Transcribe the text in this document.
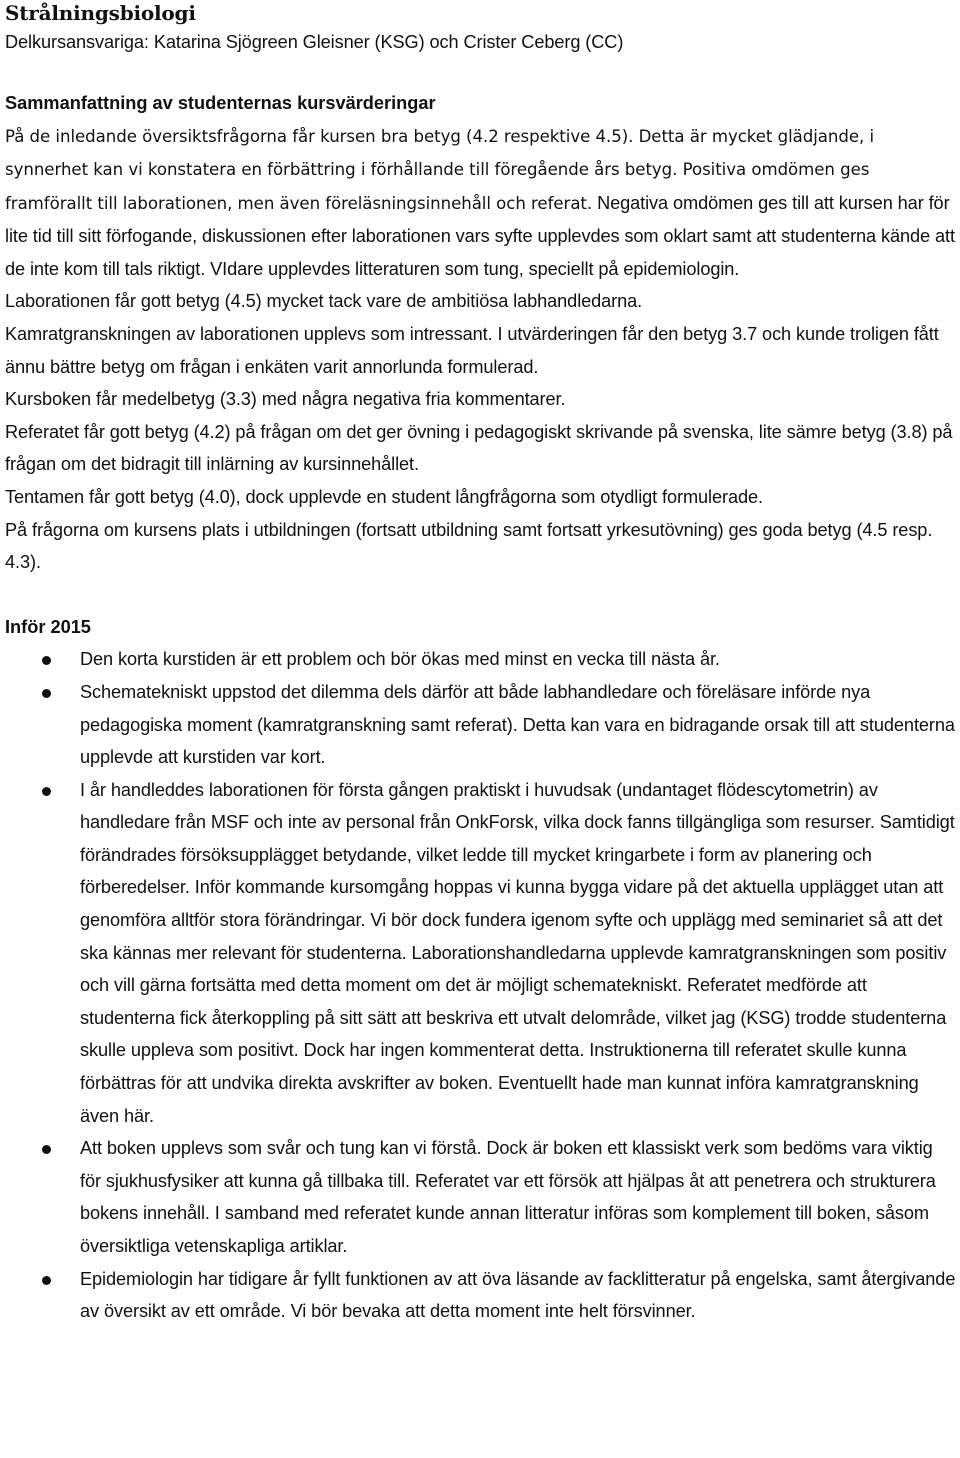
Strålningsbiologi

Delkursansvariga: Katarina Sjögreen Gleisner (KSG) och Crister Ceberg (CC)

Sammanfattning av studenternas kursvärderingar

På de inledande översiktsfrågorna får kursen bra betyg (4.2 respektive 4.5). Detta är mycket glädjande, i synnerhet kan vi konstatera en förbättring i förhållande till föregående års betyg. Positiva omdömen ges framförallt till laborationen, men även föreläsningsinnehåll och referat. Negativa omdömen ges till att kursen har för lite tid till sitt förfogande, diskussionen efter laborationen vars syfte upplevdes som oklart samt att studenterna kände att de inte kom till tals riktigt. VIdare upplevdes litteraturen som tung, speciellt på epidemiologin.

Laborationen får gott betyg (4.5) mycket tack vare de ambitiösa labhandledarna.

Kamratgranskningen av laborationen upplevs som intressant. I utvärderingen får den betyg 3.7 och kunde troligen fått ännu bättre betyg om frågan i enkäten varit annorlunda formulerad.

Kursboken får medelbetyg (3.3) med några negativa fria kommentarer.

Referatet får gott betyg (4.2) på frågan om det ger övning i pedagogiskt skrivande på svenska, lite sämre betyg (3.8) på frågan om det bidragit till inlärning av kursinnehållet.

Tentamen får gott betyg (4.0), dock upplevde en student långfrågorna som otydligt formulerade.

På frågorna om kursens plats i utbildningen (fortsatt utbildning samt fortsatt yrkesutövning) ges goda betyg (4.5 resp. 4.3).

Inför 2015
Den korta kurstiden är ett problem och bör ökas med minst en vecka till nästa år.
Schematekniskt uppstod det dilemma dels därför att både labhandledare och föreläsare införde nya pedagogiska moment (kamratgranskning samt referat). Detta kan vara en bidragande orsak till att studenterna upplevde att kurstiden var kort.
I år handleddes laborationen för första gången praktiskt i huvudsak (undantaget flödescytometrin) av handledare från MSF och inte av personal från OnkForsk, vilka dock fanns tillgängliga som resurser. Samtidigt förändrades försöksupplägget betydande, vilket ledde till mycket kringarbete i form av planering och förberedelser. Inför kommande kursomgång hoppas vi kunna bygga vidare på det aktuella upplägget utan att genomföra alltför stora förändringar. Vi bör dock fundera igenom syfte och upplägg med seminariet så att det ska kännas mer relevant för studenterna. Laborationshandledarna upplevde kamratgranskningen som positiv och vill gärna fortsätta med detta moment om det är möjligt schematekniskt. Referatet medförde att studenterna fick återkoppling på sitt sätt att beskriva ett utvalt delområde, vilket jag (KSG) trodde studenterna skulle uppleva som positivt. Dock har ingen kommenterat detta. Instruktionerna till referatet skulle kunna förbättras för att undvika direkta avskrifter av boken. Eventuellt hade man kunnat införa kamratgranskning även här.
Att boken upplevs som svår och tung kan vi förstå. Dock är boken ett klassiskt verk som bedöms vara viktig för sjukhusfysiker att kunna gå tillbaka till. Referatet var ett försök att hjälpas åt att penetrera och strukturera bokens innehåll. I samband med referatet kunde annan litteratur införas som komplement till boken, såsom översiktliga vetenskapliga artiklar.
Epidemiologin har tidigare år fyllt funktionen av att öva läsande av facklitteratur på engelska, samt återgivande av översikt av ett område. Vi bör bevaka att detta moment inte helt försvinner.
